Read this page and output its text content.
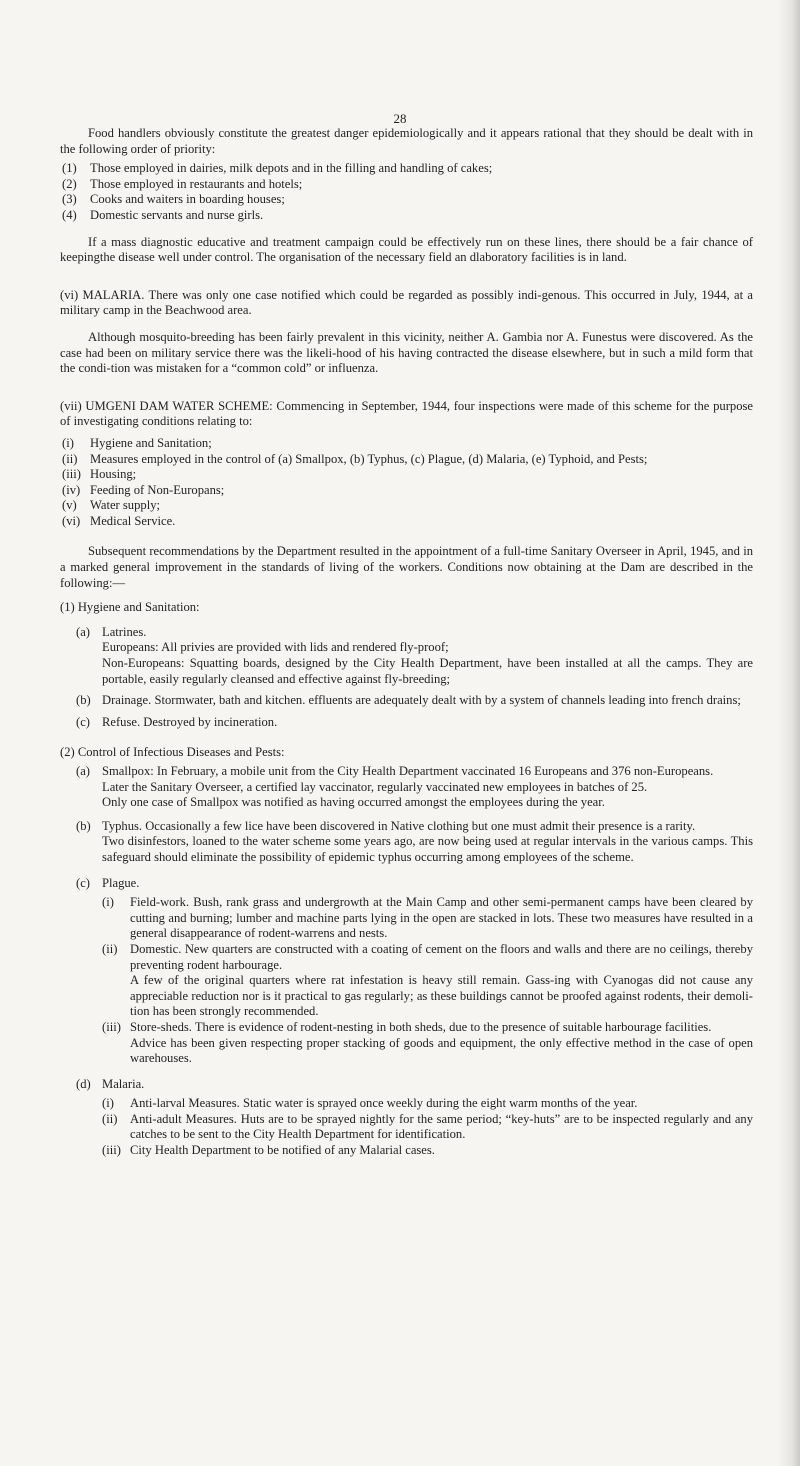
28

Food handlers obviously constitute the greatest danger epidemiologically and it appears rational that they should be dealt with in the following order of priority:

(1)	Those employed in dairies, milk depots and in the filling and handling of cakes;
(2)	Those employed in restaurants and hotels;
(3)	Cooks and waiters in boarding houses;
(4)	Domestic servants and nurse girls.

If a mass diagnostic educative and treatment campaign could be effectively run on these lines, there should be a fair chance of keepingthe disease well under control. The organisation of the necessary field an dlaboratory facilities is in land.

(vi) MALARIA. There was only one case notified which could be regarded as possibly indi-genous. This occurred in July, 1944, at a military camp in the Beachwood area.

Although mosquito-breeding has been fairly prevalent in this vicinity, neither A. Gambia nor A. Funestus were discovered. As the case had been on military service there was the likeli-hood of his having contracted the disease elsewhere, but in such a mild form that the condi-tion was mistaken for a “common cold” or influenza.

(vii) UMGENI DAM WATER SCHEME: Commencing in September, 1944, four inspections were made of this scheme for the purpose of investigating conditions relating to:

(i)	Hygiene and Sanitation;
(ii)	Measures employed in the control of (a) Smallpox, (b) Typhus, (c) Plague, (d) Malaria, (e) Typhoid, and Pests;
(iii) Housing;
(iv) Feeding of Non-Europans;
(v)	Water supply;
(vi) Medical Service.

Subsequent recommendations by the Department resulted in the appointment of a full-time Sanitary Overseer in April, 1945, and in a marked general improvement in the standards of living of the workers. Conditions now obtaining at the Dam are described in the following:—

(1) Hygiene and Sanitation:

(a) Latrines.

Europeans: All privies are provided with lids and rendered fly-proof;

Non-Europeans: Squatting boards, designed by the City Health Department, have been installed at all the camps. They are portable, easily regularly cleansed and effective against fly-breeding;

(b) Drainage. Stormwater, bath and kitchen. effluents are adequately dealt with by a system of channels leading into french drains;

(c) Refuse. Destroyed by incineration.

(2) Control of Infectious Diseases and Pests:

(a) Smallpox: In February, a mobile unit from the City Health Department vaccinated 16 Europeans and 376 non-Europeans.

Later the Sanitary Overseer, a certified lay vaccinator, regularly vaccinated new employees in batches of 25.

Only one case of Smallpox was notified as having occurred amongst the employees during the year.

(b) Typhus. Occasionally a few lice have been discovered in Native clothing but one must admit their presence is a rarity.

Two disinfestors, loaned to the water scheme some years ago, are now being used at regular intervals in the various camps. This safeguard should eliminate the possibility of epidemic typhus occurring among employees of the scheme.

(c) Plague.

(i)	Field-work. Bush, rank grass and undergrowth at the Main Camp and other semi-permanent camps have been cleared by cutting and burning; lumber and machine parts lying in the open are stacked in lots. These two measures have resulted in a general disappearance of rodent-warrens and nests.

(ii)	Domestic. New quarters are constructed with a coating of cement on the floors and walls and there are no ceilings, thereby preventing rodent harbourage.

A few of the original quarters where rat infestation is heavy still remain. Gass-ing with Cyanogas did not cause any appreciable reduction nor is it practical to gas regularly; as these buildings cannot be proofed against rodents, their demoli-tion has been strongly recommended.

(iii) Store-sheds. There is evidence of rodent-nesting in both sheds, due to the presence of suitable harbourage facilities.

Advice has been given respecting proper stacking of goods and equipment, the only effective method in the case of open warehouses.

(d) Malaria.

(i)	Anti-larval Measures. Static water is sprayed once weekly during the eight warm months of the year.

(ii)	Anti-adult Measures. Huts are to be sprayed nightly for the same period; “key-huts” are to be inspected regularly and any catches to be sent to the City Health Department for identification.

(iii) City Health Department to be notified of any Malarial cases.
